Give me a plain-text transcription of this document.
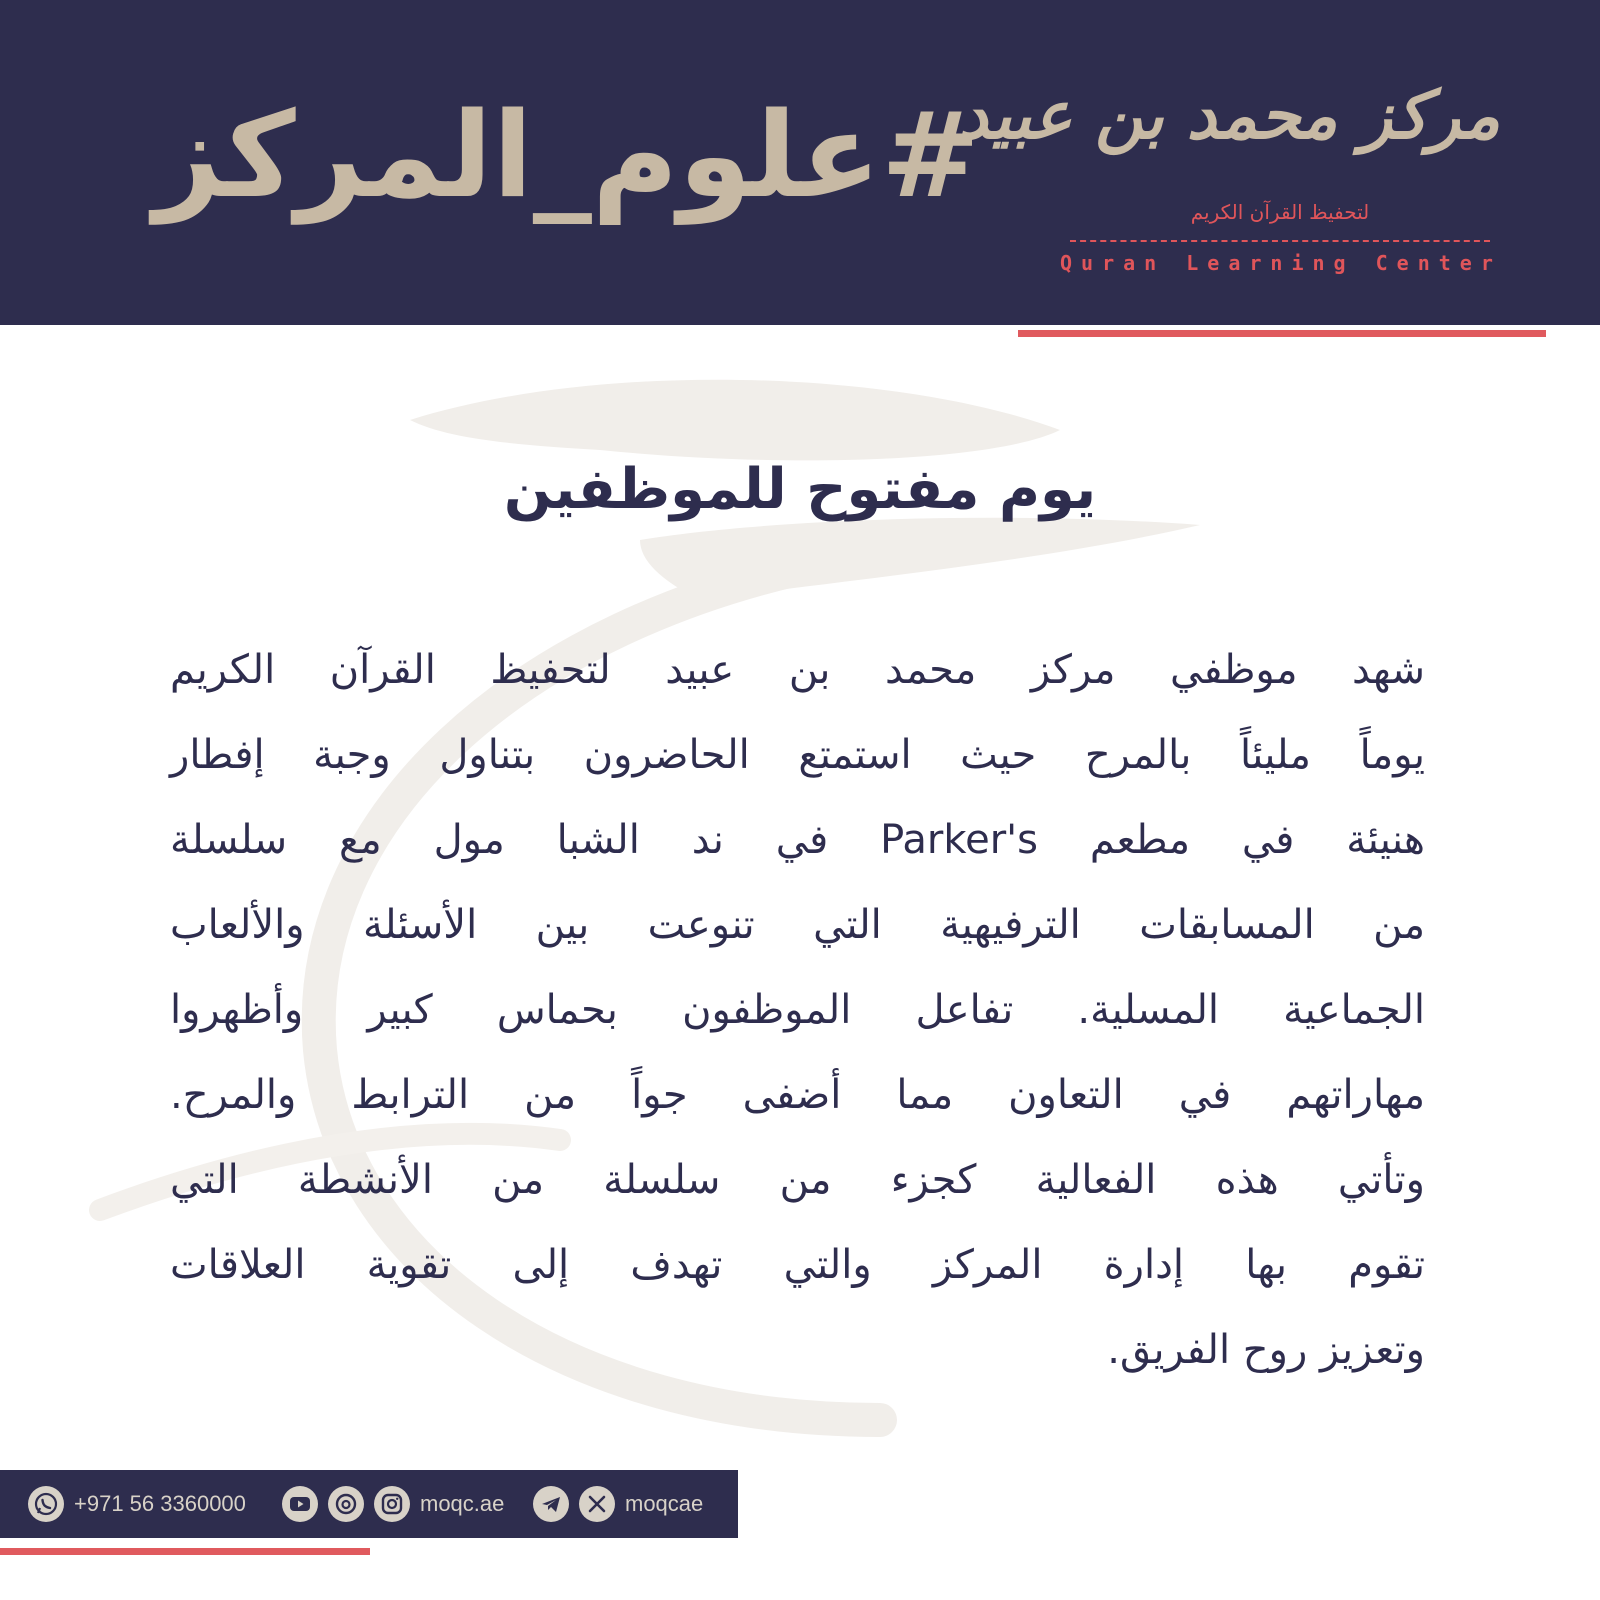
#علوم_المركز
مركز محمد بن عبيد
لتحفيظ القرآن الكريم
Quran Learning Center
يوم مفتوح للموظفين
شهد موظفي مركز محمد بن عبيد لتحفيظ القرآن الكريم
يوماً مليئاً بالمرح حيث استمتع الحاضرون بتناول وجبة إفطار
هنيئة في مطعم Parker's في ند الشبا مول مع سلسلة
من المسابقات الترفيهية التي تنوعت بين الأسئلة والألعاب
الجماعية المسلية. تفاعل الموظفون بحماس كبير وأظهروا
مهاراتهم في التعاون مما أضفى جواً من الترابط والمرح.
وتأتي هذه الفعالية كجزء من سلسلة من الأنشطة التي
تقوم بها إدارة المركز والتي تهدف إلى تقوية العلاقات
وتعزيز روح الفريق.
+971 56 3360000	moqc.ae	moqcae
